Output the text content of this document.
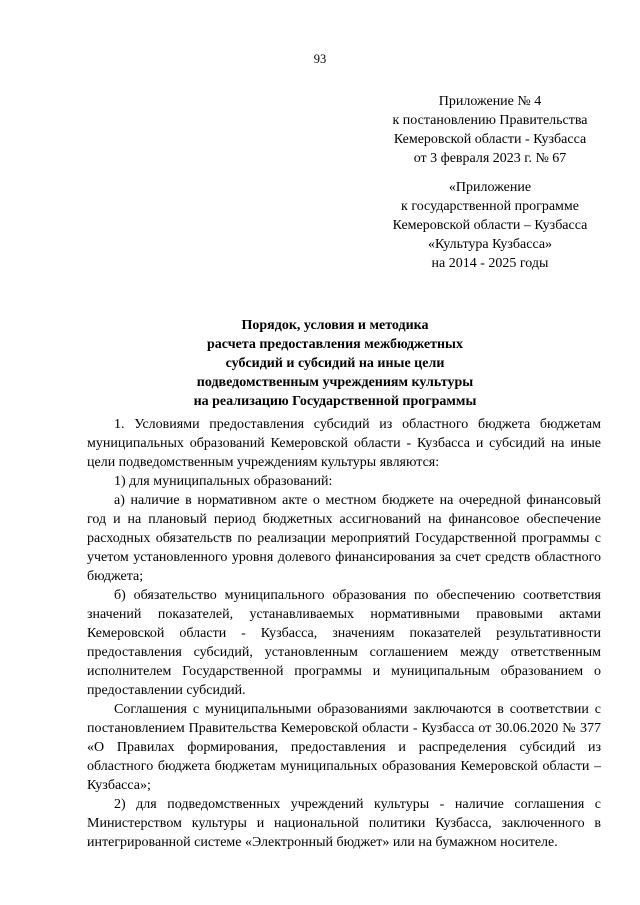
93
Приложение № 4
к постановлению Правительства
Кемеровской области - Кузбасса
от 3 февраля 2023 г. № 67
«Приложение
к государственной программе
Кемеровской области – Кузбасса
«Культура Кузбасса»
на 2014 - 2025 годы
Порядок, условия и методика
расчета предоставления межбюджетных
субсидий и субсидий на иные цели
подведомственным учреждениям культуры
на реализацию Государственной программы
1. Условиями предоставления субсидий из областного бюджета бюджетам муниципальных образований Кемеровской области - Кузбасса и субсидий на иные цели подведомственным учреждениям культуры являются:
1) для муниципальных образований:
а) наличие в нормативном акте о местном бюджете на очередной финансовый год и на плановый период бюджетных ассигнований на финансовое обеспечение расходных обязательств по реализации мероприятий Государственной программы с учетом установленного уровня долевого финансирования за счет средств областного бюджета;
б) обязательство муниципального образования по обеспечению соответствия значений показателей, устанавливаемых нормативными правовыми актами Кемеровской области - Кузбасса, значениям показателей результативности предоставления субсидий, установленным соглашением между ответственным исполнителем Государственной программы и муниципальным образованием о предоставлении субсидий.
Соглашения с муниципальными образованиями заключаются в соответствии с постановлением Правительства Кемеровской области - Кузбасса от 30.06.2020 № 377 «О Правилах формирования, предоставления и распределения субсидий из областного бюджета бюджетам муниципальных образования Кемеровской области – Кузбасса»;
2) для подведомственных учреждений культуры - наличие соглашения с Министерством культуры и национальной политики Кузбасса, заключенного в интегрированной системе «Электронный бюджет» или на бумажном носителе.
